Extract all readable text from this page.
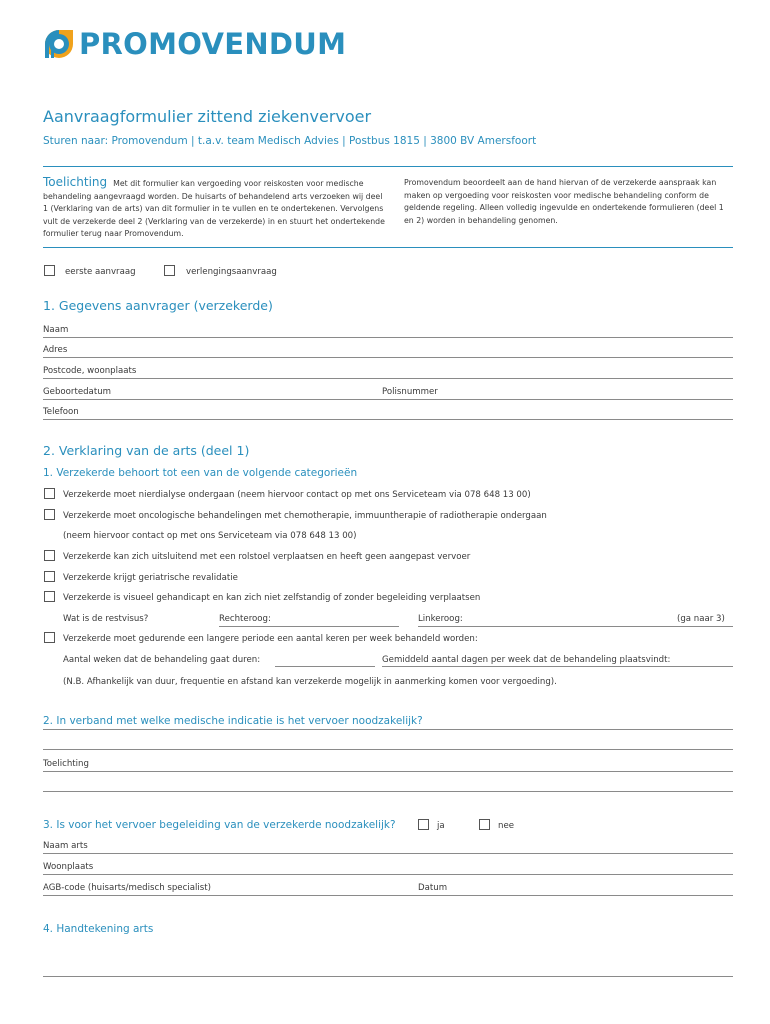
PROMOVENDUM
Aanvraagformulier zittend ziekenvervoer
Sturen naar: Promovendum | t.a.v. team Medisch Advies | Postbus 1815 | 3800 BV Amersfoort
Toelichting Met dit formulier kan vergoeding voor reiskosten voor medische behandeling aangevraagd worden. De huisarts of behandelend arts verzoeken wij deel 1 (Verklaring van de arts) van dit formulier in te vullen en te ondertekenen. Vervolgens vult de verzekerde deel 2 (Verklaring van de verzekerde) in en stuurt het ondertekende formulier terug naar Promovendum.
Promovendum beoordeelt aan de hand hiervan of de verzekerde aanspraak kan maken op vergoeding voor reiskosten voor medische behandeling conform de geldende regeling. Alleen volledig ingevulde en ondertekende formulieren (deel 1 en 2) worden in behandeling genomen.
eerste aanvraag	verlengingsaanvraag
1. Gegevens aanvrager (verzekerde)
Naam
Adres
Postcode, woonplaats
Geboortedatum	Polisnummer
Telefoon
2. Verklaring van de arts (deel 1)
1. Verzekerde behoort tot een van de volgende categorieën
Verzekerde moet nierdialyse ondergaan (neem hiervoor contact op met ons Serviceteam via 078 648 13 00)
Verzekerde moet oncologische behandelingen met chemotherapie, immuuntherapie of radiotherapie ondergaan
(neem hiervoor contact op met ons Serviceteam via 078 648 13 00)
Verzekerde kan zich uitsluitend met een rolstoel verplaatsen en heeft geen aangepast vervoer
Verzekerde krijgt geriatrische revalidatie
Verzekerde is visueel gehandicapt en kan zich niet zelfstandig of zonder begeleiding verplaatsen
Wat is de restvisus?	Rechteroog:	Linkeroog:	(ga naar 3)
Verzekerde moet gedurende een langere periode een aantal keren per week behandeld worden:
Aantal weken dat de behandeling gaat duren:	Gemiddeld aantal dagen per week dat de behandeling plaatsvindt:
(N.B. Afhankelijk van duur, frequentie en afstand kan verzekerde mogelijk in aanmerking komen voor vergoeding).
2. In verband met welke medische indicatie is het vervoer noodzakelijk?
Toelichting
3. Is voor het vervoer begeleiding van de verzekerde noodzakelijk?	ja	nee
Naam arts
Woonplaats
AGB-code (huisarts/medisch specialist)	Datum
4. Handtekening arts
